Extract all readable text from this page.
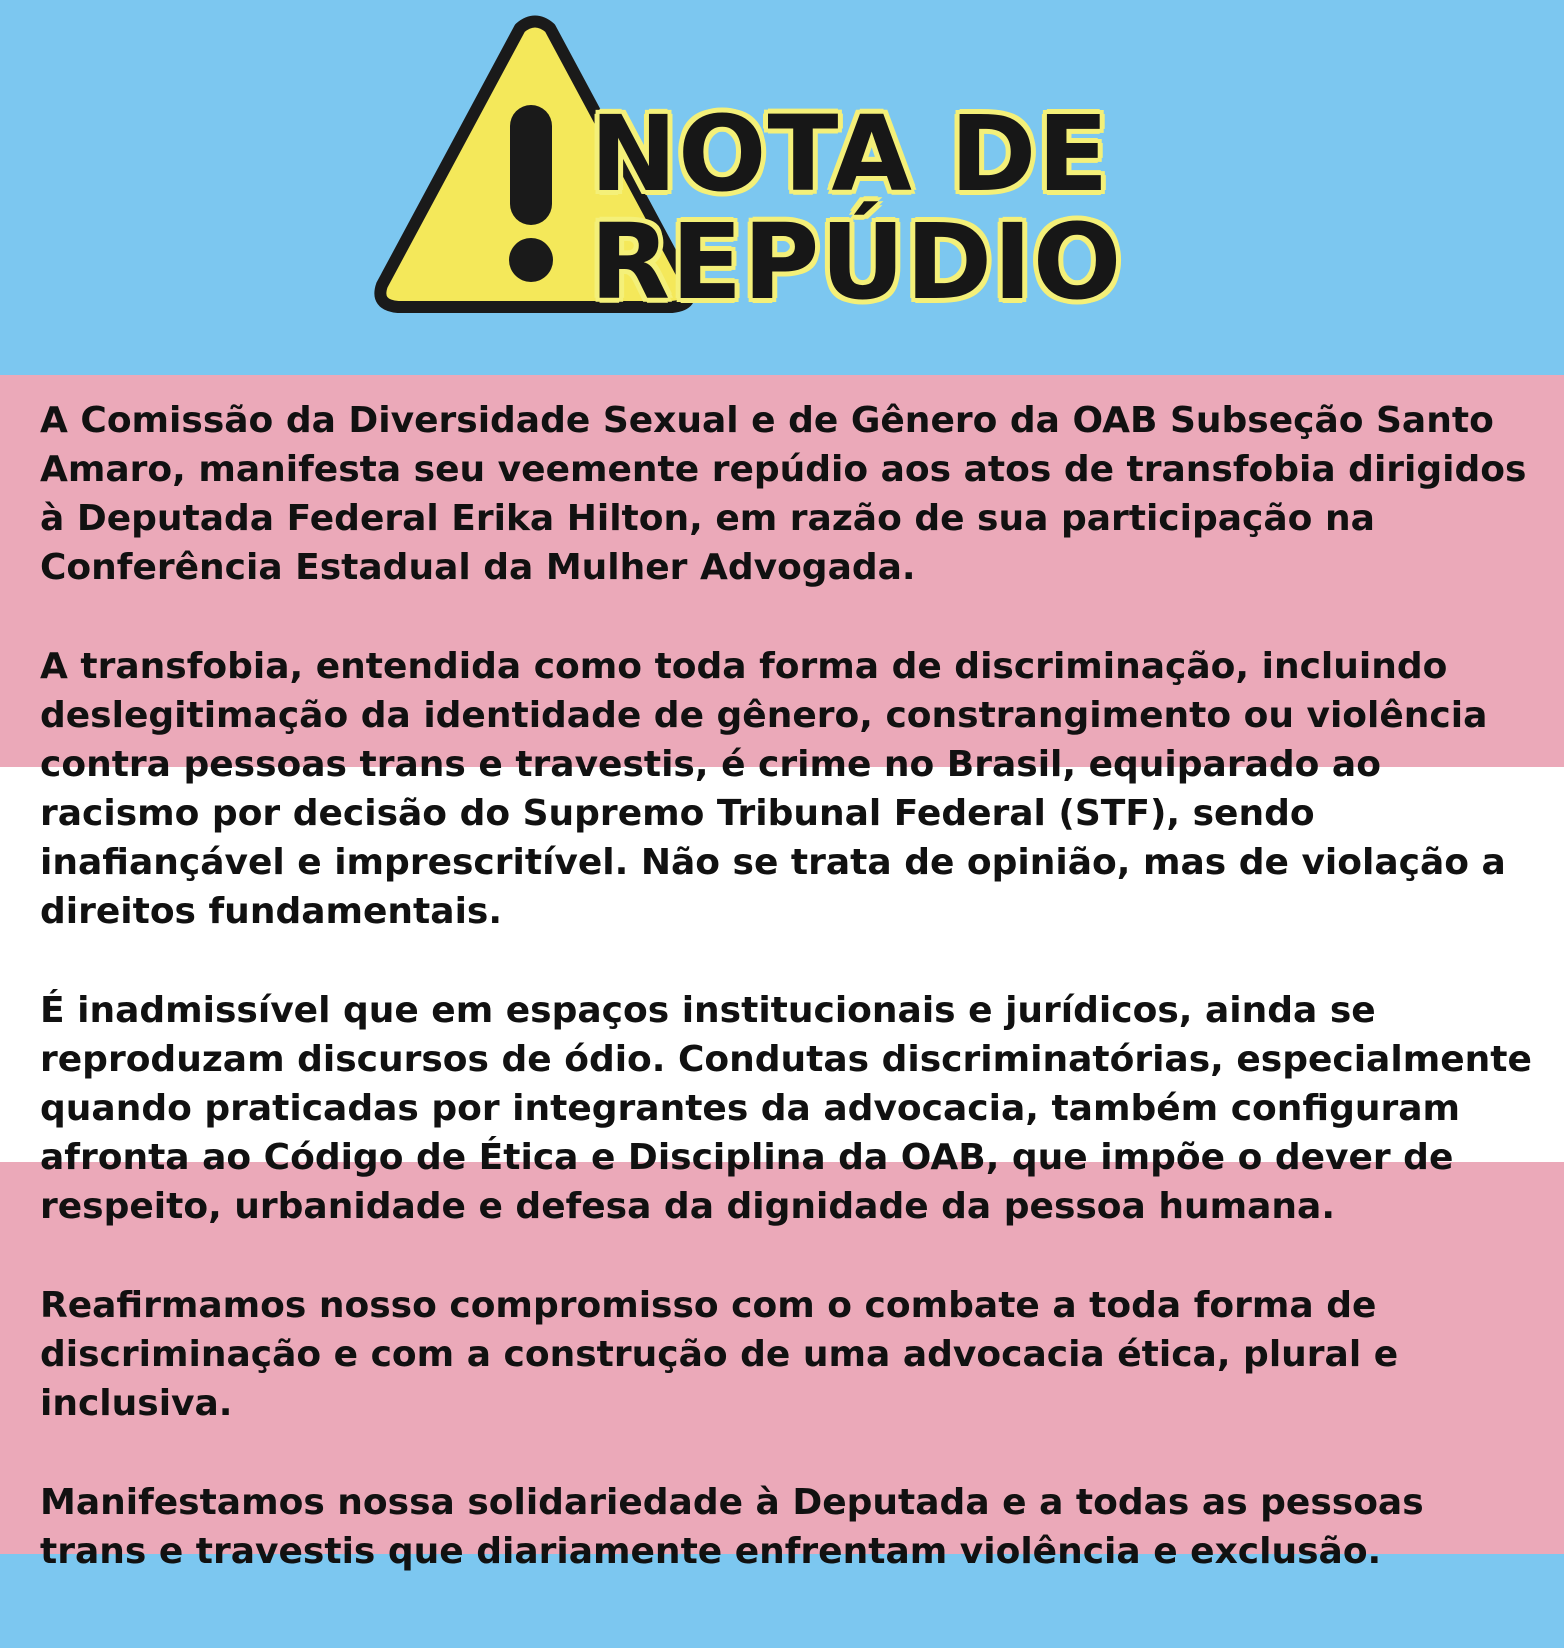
NOTA DE
REPÚDIO

A Comissão da Diversidade Sexual e de Gênero da OAB Subseção Santo Amaro, manifesta seu veemente repúdio aos atos de transfobia dirigidos à Deputada Federal Erika Hilton, em razão de sua participação na Conferência Estadual da Mulher Advogada.

A transfobia, entendida como toda forma de discriminação, incluindo deslegitimação da identidade de gênero, constrangimento ou violência contra pessoas trans e travestis, é crime no Brasil, equiparado ao racismo por decisão do Supremo Tribunal Federal (STF), sendo inafiançável e imprescritível. Não se trata de opinião, mas de violação a direitos fundamentais.

É inadmissível que em espaços institucionais e jurídicos, ainda se reproduzam discursos de ódio. Condutas discriminatórias, especialmente quando praticadas por integrantes da advocacia, também configuram afronta ao Código de Ética e Disciplina da OAB, que impõe o dever de respeito, urbanidade e defesa da dignidade da pessoa humana.

Reafirmamos nosso compromisso com o combate a toda forma de discriminação e com a construção de uma advocacia ética, plural e inclusiva.

Manifestamos nossa solidariedade à Deputada e a todas as pessoas trans e travestis que diariamente enfrentam violência e exclusão.
